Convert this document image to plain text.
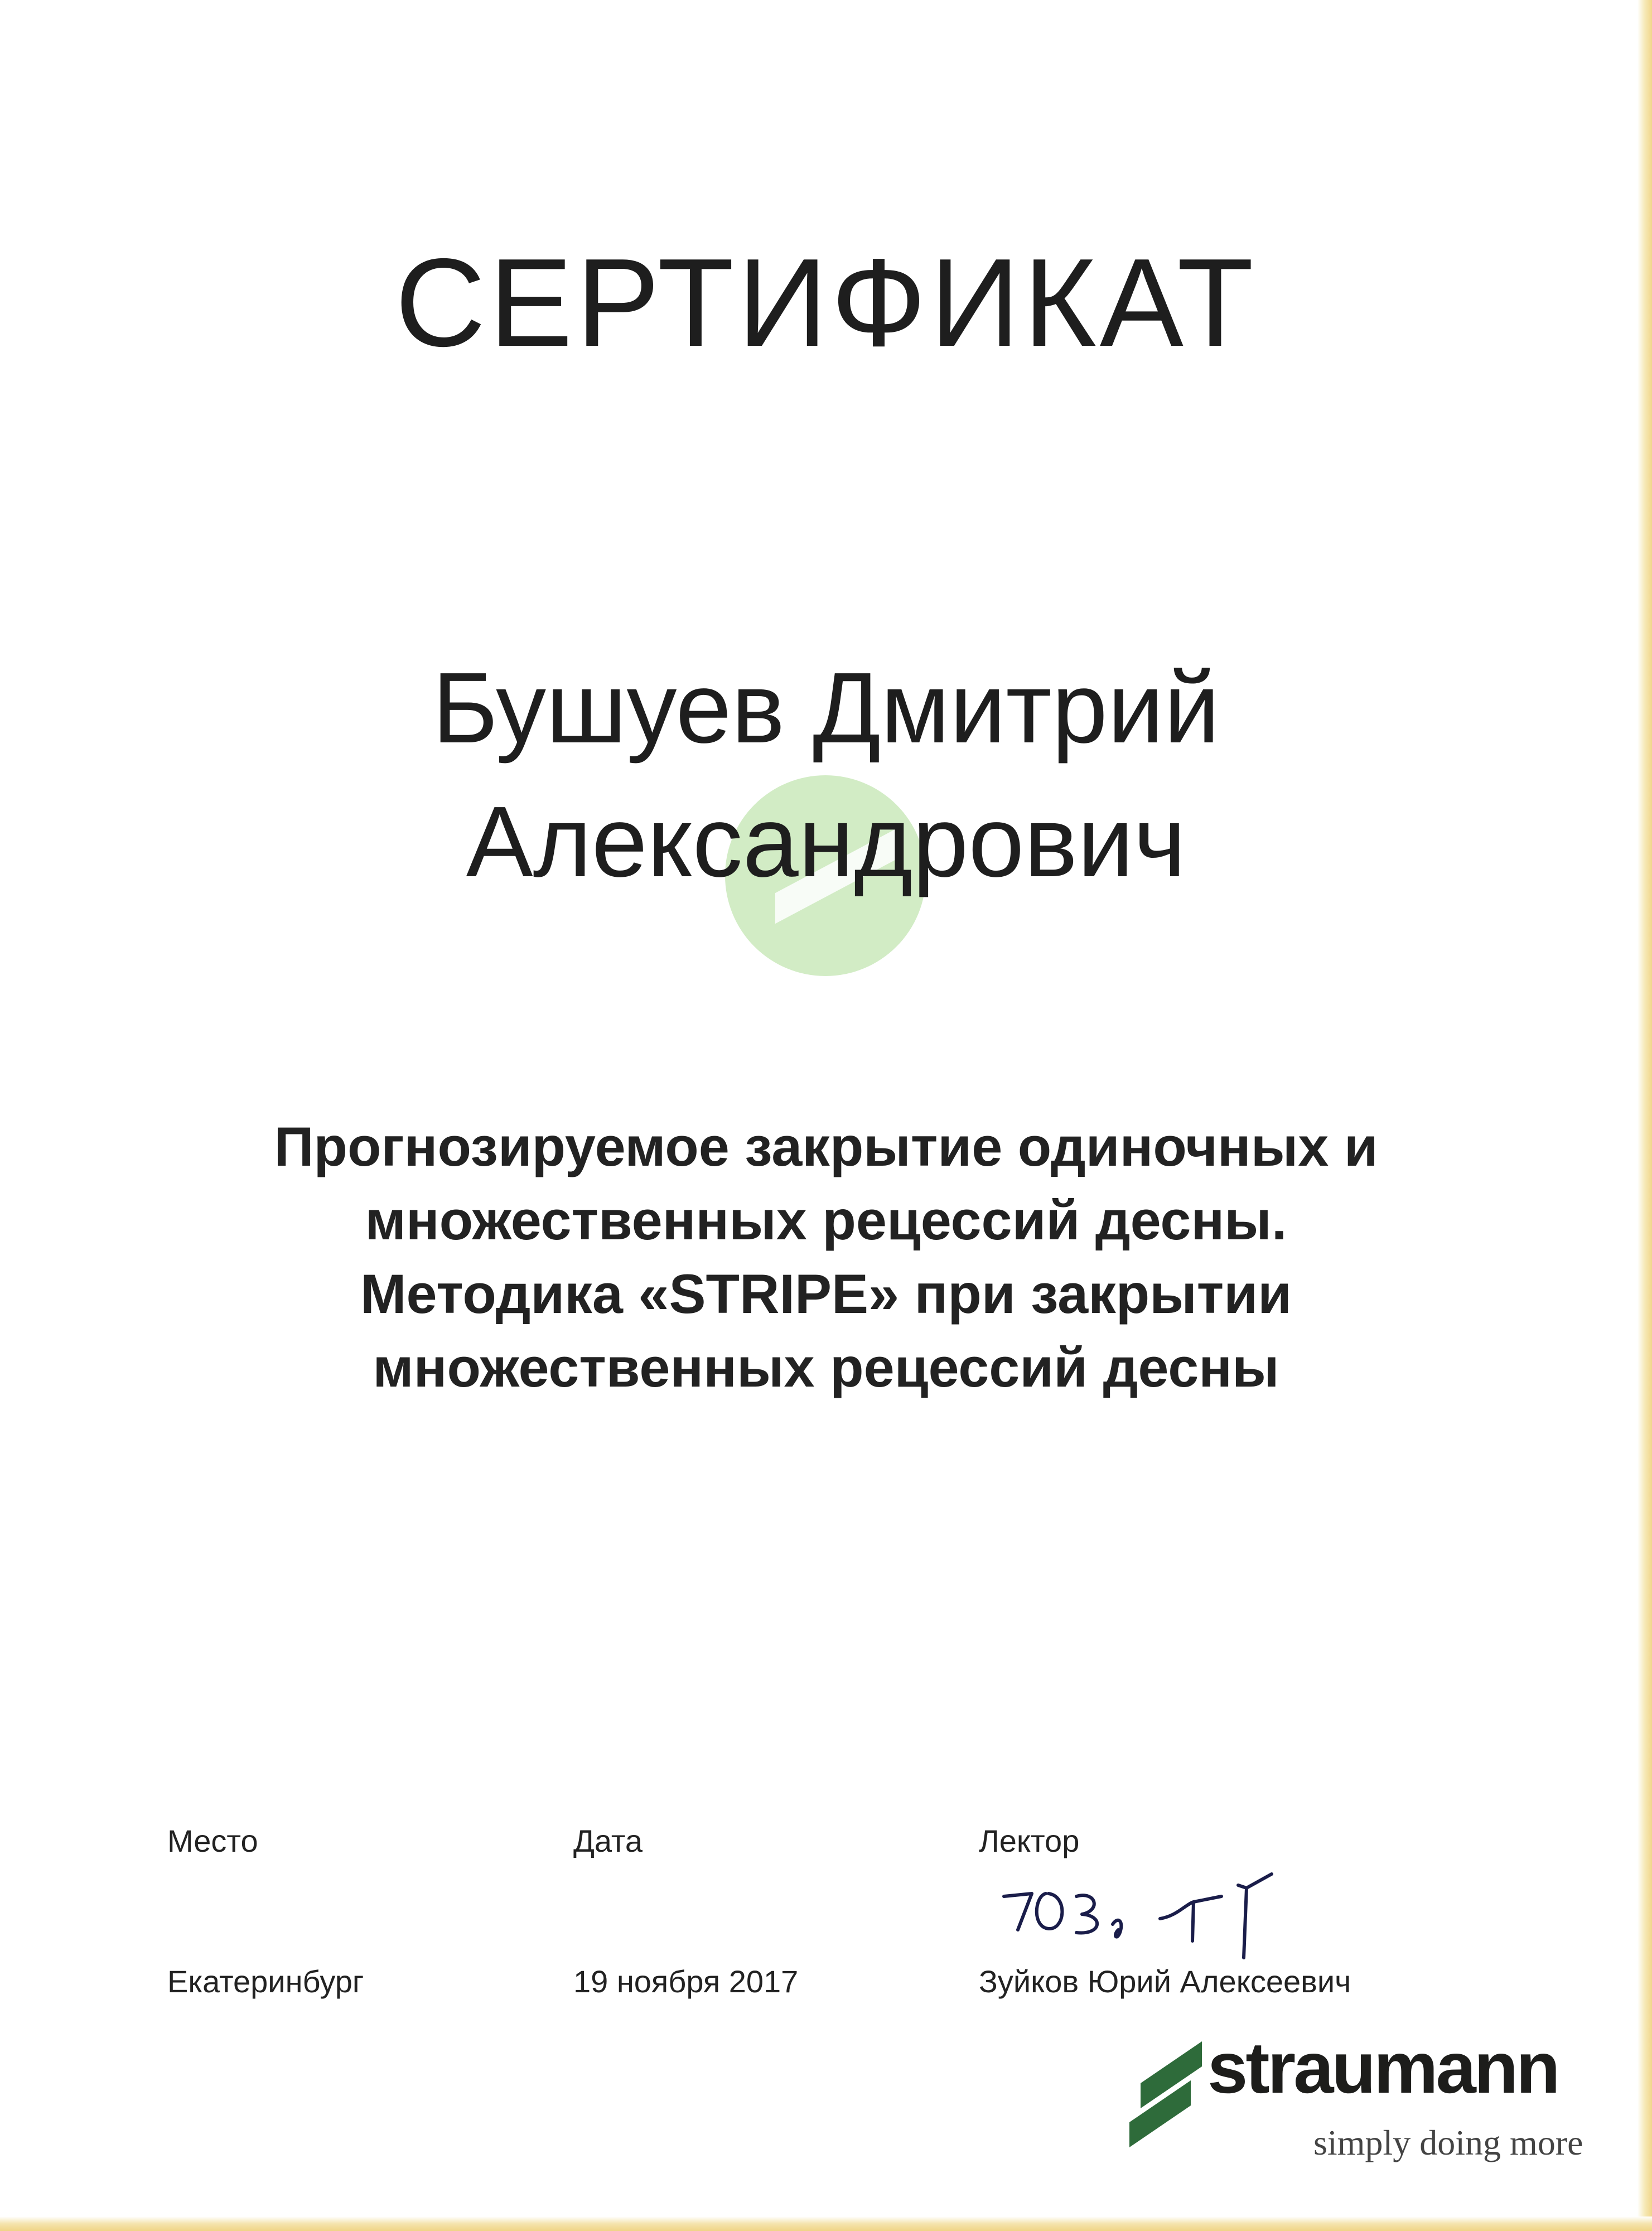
СЕРТИФИКАТ
Бушуев Дмитрий
Александрович
Прогнозируемое закрытие одиночных и
множественных рецессий десны.
Методика «STRIPE» при закрытии
множественных рецессий десны
Место	Дата	Лектор
Екатеринбург	19 ноября 2017	Зуйков Юрий Алексеевич
straumann
simply doing more
